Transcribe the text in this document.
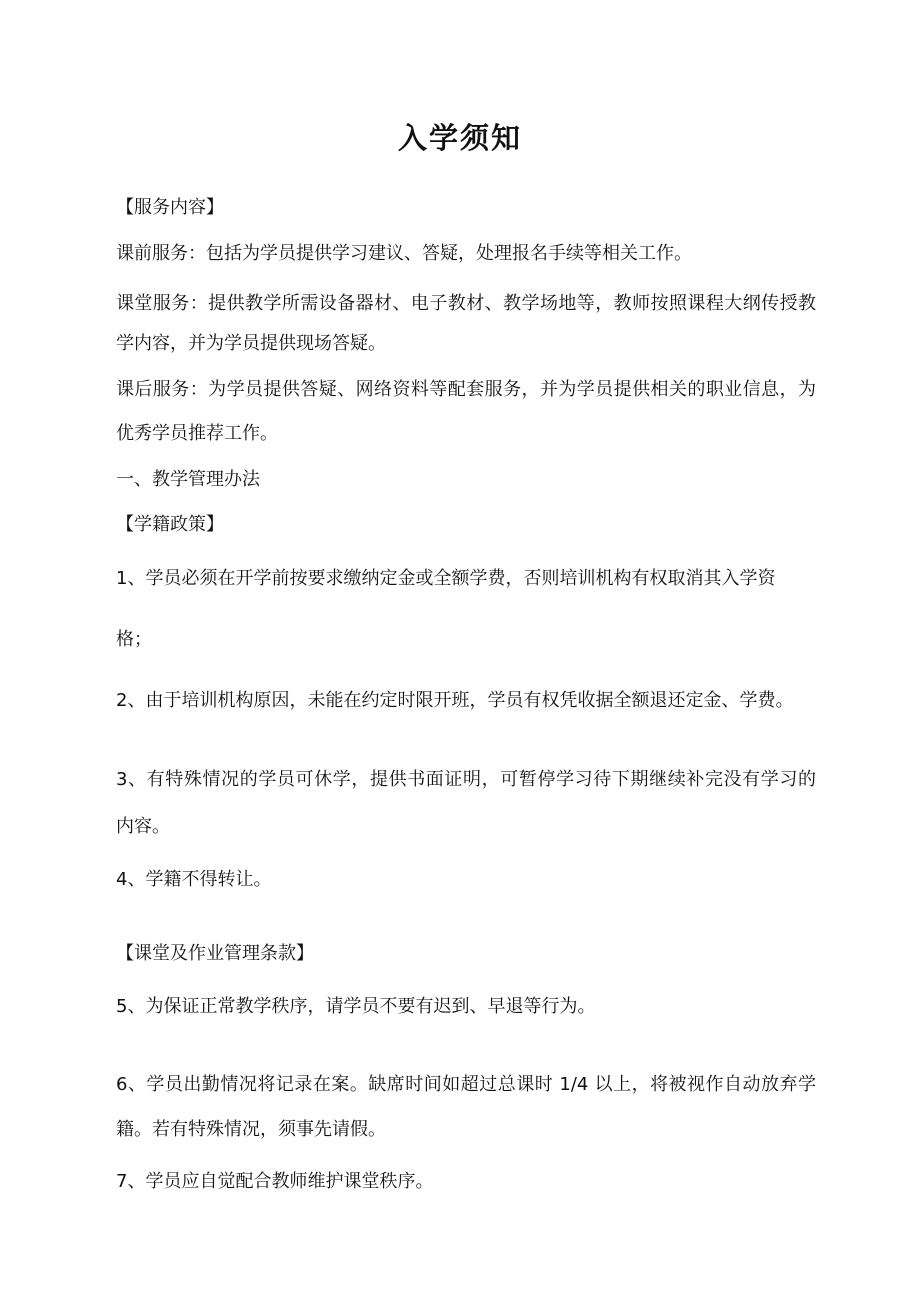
入学须知
【服务内容】
课前服务：包括为学员提供学习建议、答疑，处理报名手续等相关工作。
课堂服务：提供教学所需设备器材、电子教材、教学场地等，教师按照课程大纲传授教
学内容，并为学员提供现场答疑。
课后服务：为学员提供答疑、网络资料等配套服务，并为学员提供相关的职业信息，为
优秀学员推荐工作。
一、教学管理办法
【学籍政策】
1、学员必须在开学前按要求缴纳定金或全额学费，否则培训机构有权取消其入学资
格；
2、由于培训机构原因，未能在约定时限开班，学员有权凭收据全额退还定金、学费。
3、有特殊情况的学员可休学，提供书面证明，可暂停学习待下期继续补完没有学习的
内容。
4、学籍不得转让。
【课堂及作业管理条款】
5、为保证正常教学秩序，请学员不要有迟到、早退等行为。
6、学员出勤情况将记录在案。缺席时间如超过总课时 1/4 以上，将被视作自动放弃学
籍。若有特殊情况，须事先请假。
7、学员应自觉配合教师维护课堂秩序。
